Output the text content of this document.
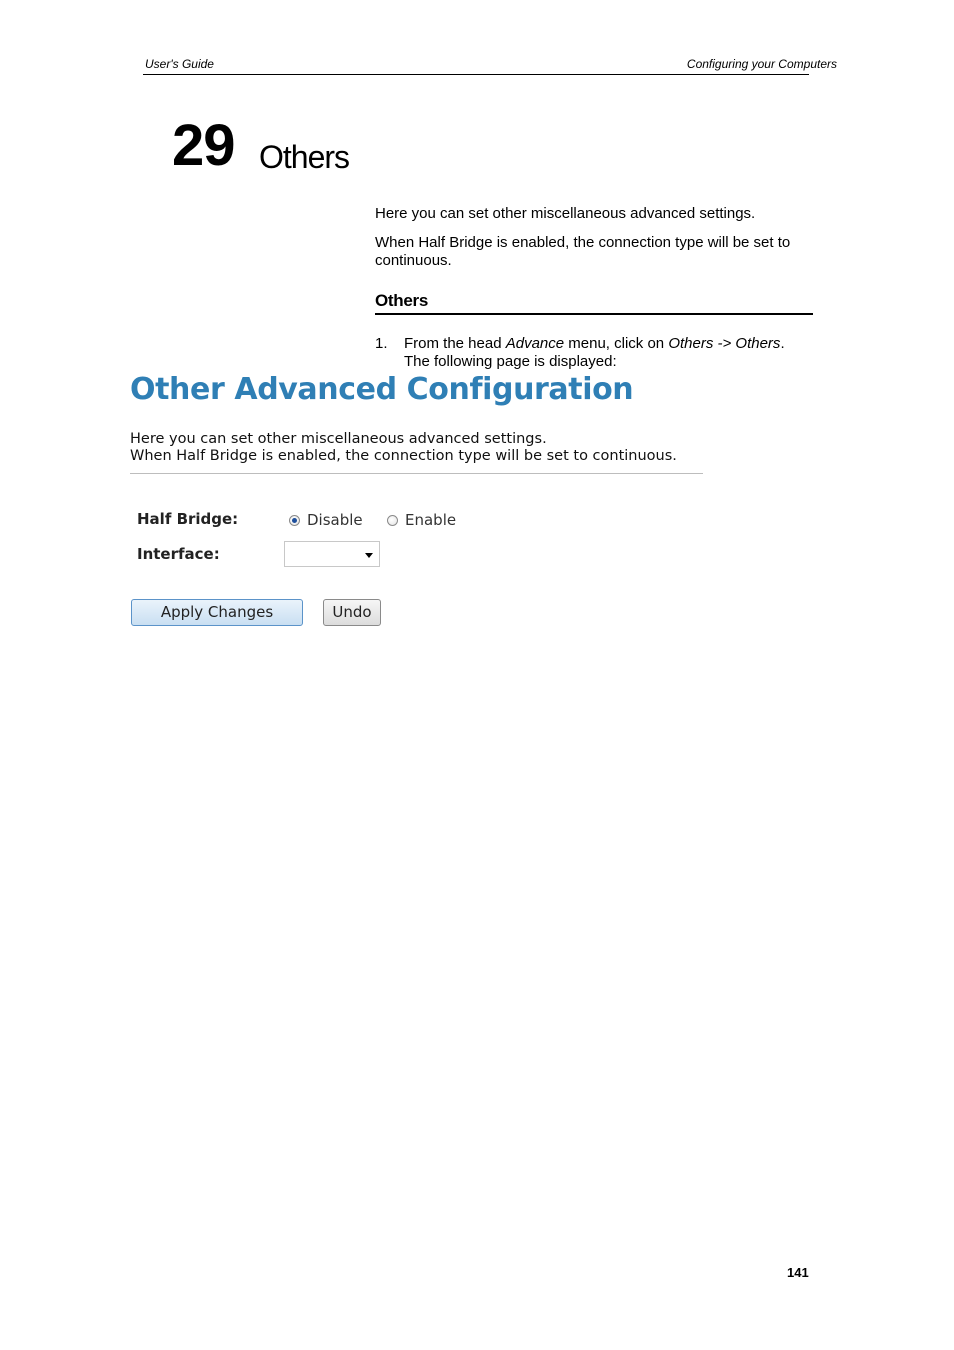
User's Guide	Configuring your Computers
29 Others
Here you can set other miscellaneous advanced settings.
When Half Bridge is enabled, the connection type will be set to continuous.
Others
1. From the head Advance menu, click on Others -> Others.
The following page is displayed:
Other Advanced Configuration
Here you can set other miscellaneous advanced settings.
When Half Bridge is enabled, the connection type will be set to continuous.
Half Bridge:	Disable	Enable
Interface:
Apply Changes	Undo
141
